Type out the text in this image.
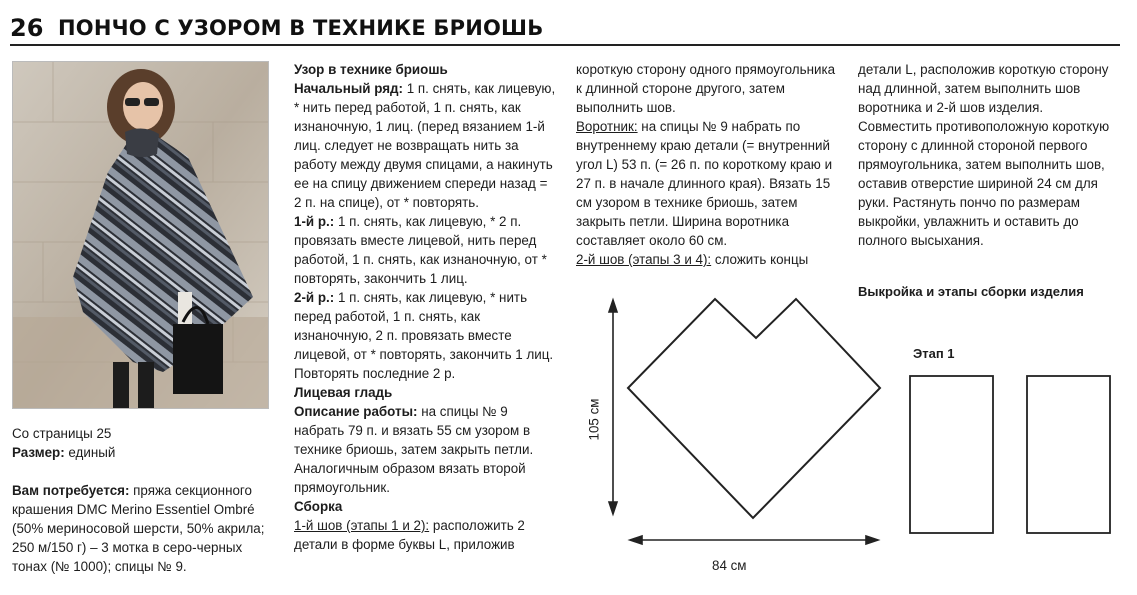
26 ПОНЧО С УЗОРОМ В ТЕХНИКЕ БРИОШЬ

Со страницы 25

Размер: единый

Вам потребуется: пряжа секционного крашения DMC Merino Essentiel Ombré (50% мериносовой шерсти, 50% акрила; 250 м/150 г) – 3 мотка в серо-черных тонах (№ 1000); спицы № 9.

Узор в технике бриошь

Начальный ряд: 1 п. снять, как лицевую, * нить перед работой, 1 п. снять, как изнаночную, 1 лиц. (перед вязанием 1-й лиц. следует не возвращать нить за работу между двумя спицами, а накинуть ее на спицу движением спереди назад = 2 п. на спице), от * повторять.

1-й р.: 1 п. снять, как лицевую, * 2 п. провязать вместе лицевой, нить перед работой, 1 п. снять, как изнаночную, от * повторять, закончить 1 лиц.

2-й р.: 1 п. снять, как лицевую, * нить перед работой, 1 п. снять, как изнаночную, 2 п. провязать вместе лицевой, от * повторять, закончить 1 лиц.

Повторять последние 2 р.

Лицевая гладь

Описание работы: на спицы № 9 набрать 79 п. и вязать 55 см узором в технике бриошь, затем закрыть петли. Аналогичным образом вязать второй прямоугольник.

Сборка

1-й шов (этапы 1 и 2): расположить 2 детали в форме буквы L, приложив

короткую сторону одного прямоугольника к длинной стороне другого, затем выполнить шов.

Воротник: на спицы № 9 набрать по внутреннему краю детали (= внутренний угол L) 53 п. (= 26 п. по короткому краю и 27 п. в начале длинного края). Вязать 15 см узором в технике бриошь, затем закрыть петли. Ширина воротника составляет около 60 см.

2-й шов (этапы 3 и 4): сложить концы

детали L, расположив короткую сторону над длинной, затем выполнить шов воротника и 2-й шов изделия. Совместить противоположную короткую сторону с длинной стороной первого прямоугольника, затем выполнить шов, оставив отверстие шириной 24 см для руки. Растянуть пончо по размерам выкройки, увлажнить и оставить до полного высыхания.

Выкройка и этапы сборки изделия
Этап 1
105 см
84 см
